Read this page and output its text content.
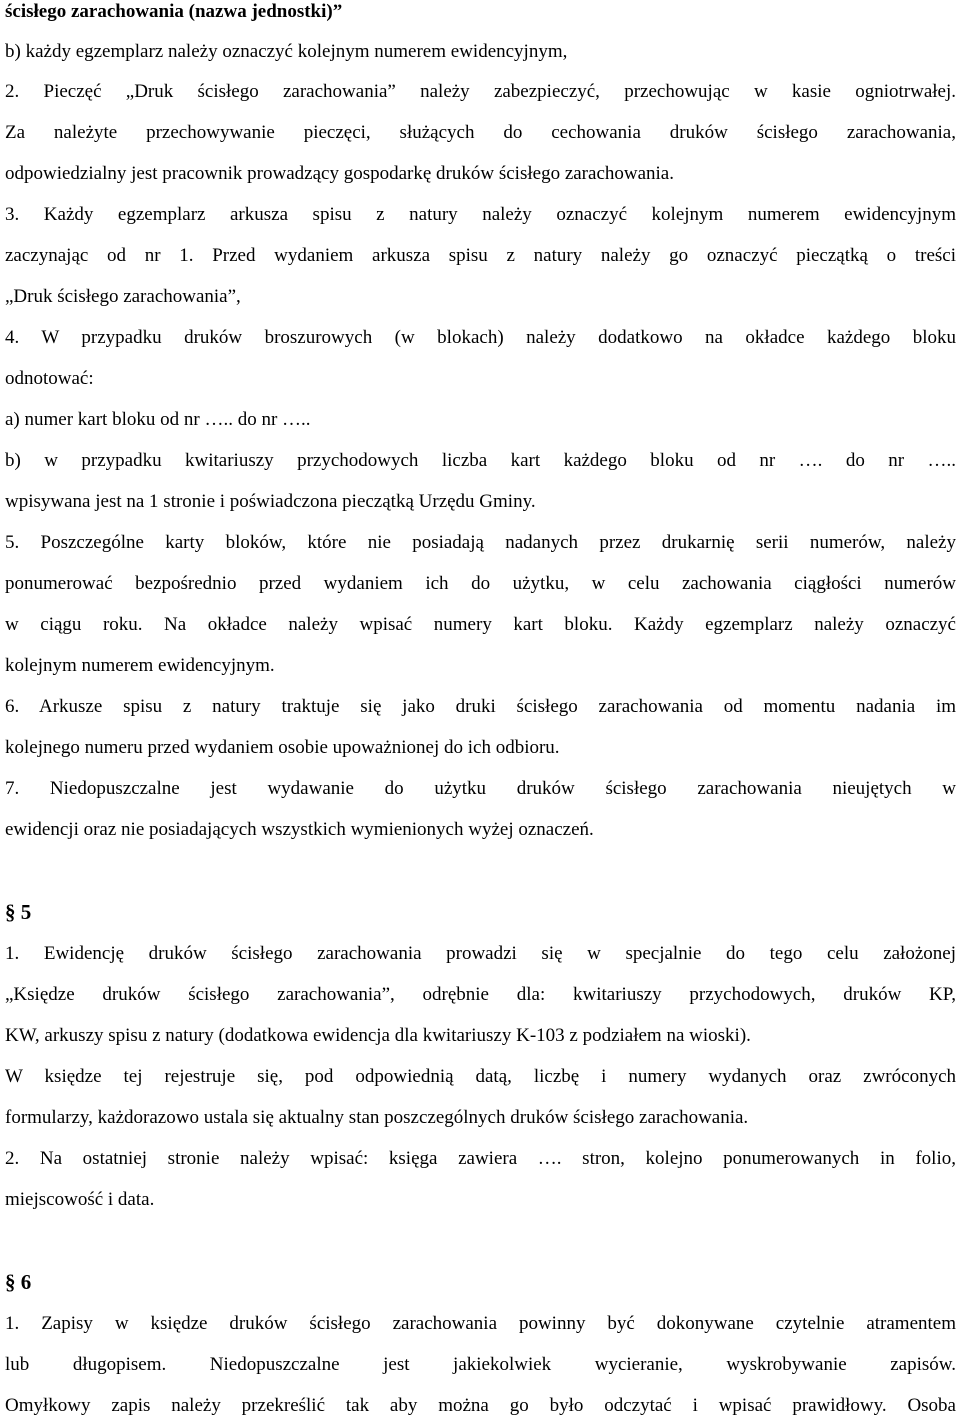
ścisłego zarachowania (nazwa jednostki)”
b) każdy egzemplarz należy oznaczyć kolejnym numerem ewidencyjnym,
2. Pieczęć „Druk ścisłego zarachowania” należy zabezpieczyć, przechowując w kasie ogniotrwałej.
Za należyte przechowywanie pieczęci, służących do cechowania druków ścisłego zarachowania,
odpowiedzialny jest pracownik prowadzący gospodarkę druków ścisłego zarachowania.
3. Każdy egzemplarz arkusza spisu z natury należy oznaczyć kolejnym numerem ewidencyjnym
zaczynając od nr 1. Przed wydaniem arkusza spisu z natury należy go oznaczyć pieczątką o treści
„Druk ścisłego zarachowania”,
4. W przypadku druków broszurowych (w blokach) należy dodatkowo na okładce każdego bloku
odnotować:
a) numer kart bloku od nr ….. do nr …..
b) w przypadku kwitariuszy przychodowych liczba kart każdego bloku od nr …. do nr …..
wpisywana jest na 1 stronie i poświadczona pieczątką Urzędu Gminy.
5. Poszczególne karty bloków, które nie posiadają nadanych przez drukarnię serii numerów, należy
ponumerować bezpośrednio przed wydaniem ich do użytku, w celu zachowania ciągłości numerów
w ciągu roku. Na okładce należy wpisać numery kart bloku. Każdy egzemplarz należy oznaczyć
kolejnym numerem ewidencyjnym.
6. Arkusze spisu z natury traktuje się jako druki ścisłego zarachowania od momentu nadania im
kolejnego numeru przed wydaniem osobie upoważnionej do ich odbioru.
7. Niedopuszczalne jest wydawanie do użytku druków ścisłego zarachowania nieujętych w
ewidencji oraz nie posiadających wszystkich wymienionych wyżej oznaczeń.
§ 5
1. Ewidencję druków ścisłego zarachowania prowadzi się w specjalnie do tego celu założonej
„Księdze druków ścisłego zarachowania”, odrębnie dla: kwitariuszy przychodowych, druków KP,
KW, arkuszy spisu z natury (dodatkowa ewidencja dla kwitariuszy K-103 z podziałem na wioski).
W księdze tej rejestruje się, pod odpowiednią datą, liczbę i numery wydanych oraz zwróconych
formularzy, każdorazowo ustala się aktualny stan poszczególnych druków ścisłego zarachowania.
2. Na ostatniej stronie należy wpisać: księga zawiera …. stron, kolejno ponumerowanych in folio,
miejscowość i data.
§ 6
1. Zapisy w księdze druków ścisłego zarachowania powinny być dokonywane czytelnie atramentem
lub długopisem. Niedopuszczalne jest jakiekolwiek wycieranie, wyskrobywanie zapisów.
Omyłkowy zapis należy przekreślić tak aby można go było odczytać i wpisać prawidłowy. Osoba
